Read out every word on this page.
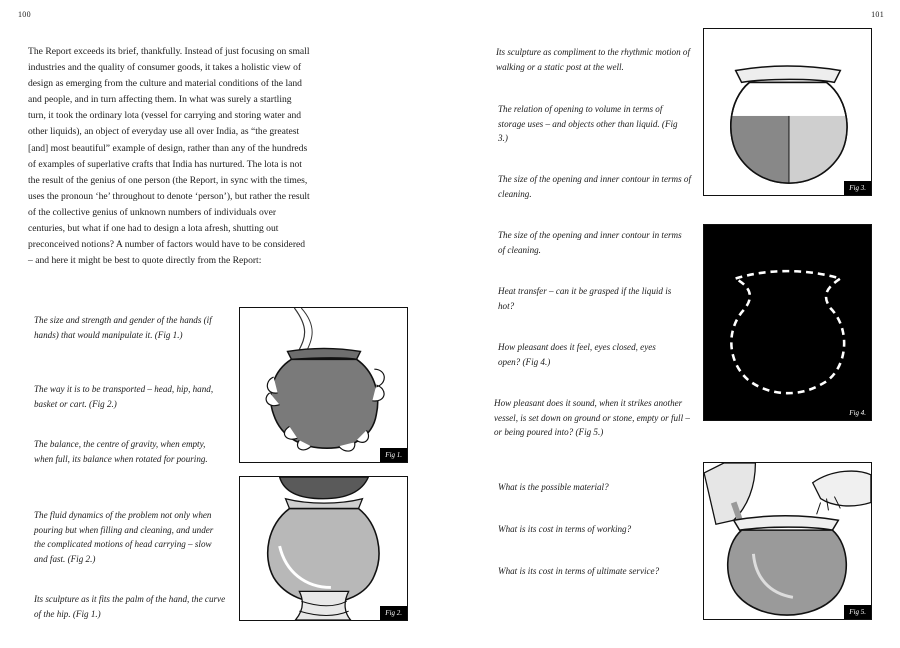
100	101

The Report exceeds its brief, thankfully. Instead of just focusing on small industries and the quality of consumer goods, it takes a holistic view of design as emerging from the culture and material conditions of the land and people, and in turn affecting them. In what was surely a startling turn, it took the ordinary lota (vessel for carrying and storing water and other liquids), an object of everyday use all over India, as “the greatest [and] most beautiful” example of design, rather than any of the hundreds of examples of superlative crafts that India has nurtured. The lota is not the result of the genius of one person (the Report, in sync with the times, uses the pronoun ‘he’ throughout to denote ‘person’), but rather the result of the collective genius of unknown numbers of individuals over centuries, but what if one had to design a lota afresh, shutting out preconceived notions? A number of factors would have to be considered – and here it might be best to quote directly from the Report:

The size and strength and gender of the hands (if hands) that would manipulate it. (Fig 1.)

The way it is to be transported – head, hip, hand, basket or cart. (Fig 2.)

The balance, the centre of gravity, when empty, when full, its balance when rotated for pouring.

The fluid dynamics of the problem not only when pouring but when filling and cleaning, and under the complicated motions of head carrying – slow and fast. (Fig 2.)

Its sculpture as it fits the palm of the hand, the curve of the hip. (Fig 1.)

Its sculpture as compliment to the rhythmic motion of walking or a static post at the well.

The relation of opening to volume in terms of storage uses – and objects other than liquid. (Fig 3.)

The size of the opening and inner contour in terms of cleaning.

The size of the opening and inner contour in terms of cleaning.

Heat transfer – can it be grasped if the liquid is hot?

How pleasant does it feel, eyes closed, eyes open? (Fig 4.)

How pleasant does it sound, when it strikes another vessel, is set down on ground or stone, empty or full – or being poured into? (Fig 5.)

What is the possible material?

What is its cost in terms of working?

What is its cost in terms of ultimate service?

Fig 1.
Fig 2.
Fig 3.
Fig 4.
Fig 5.
